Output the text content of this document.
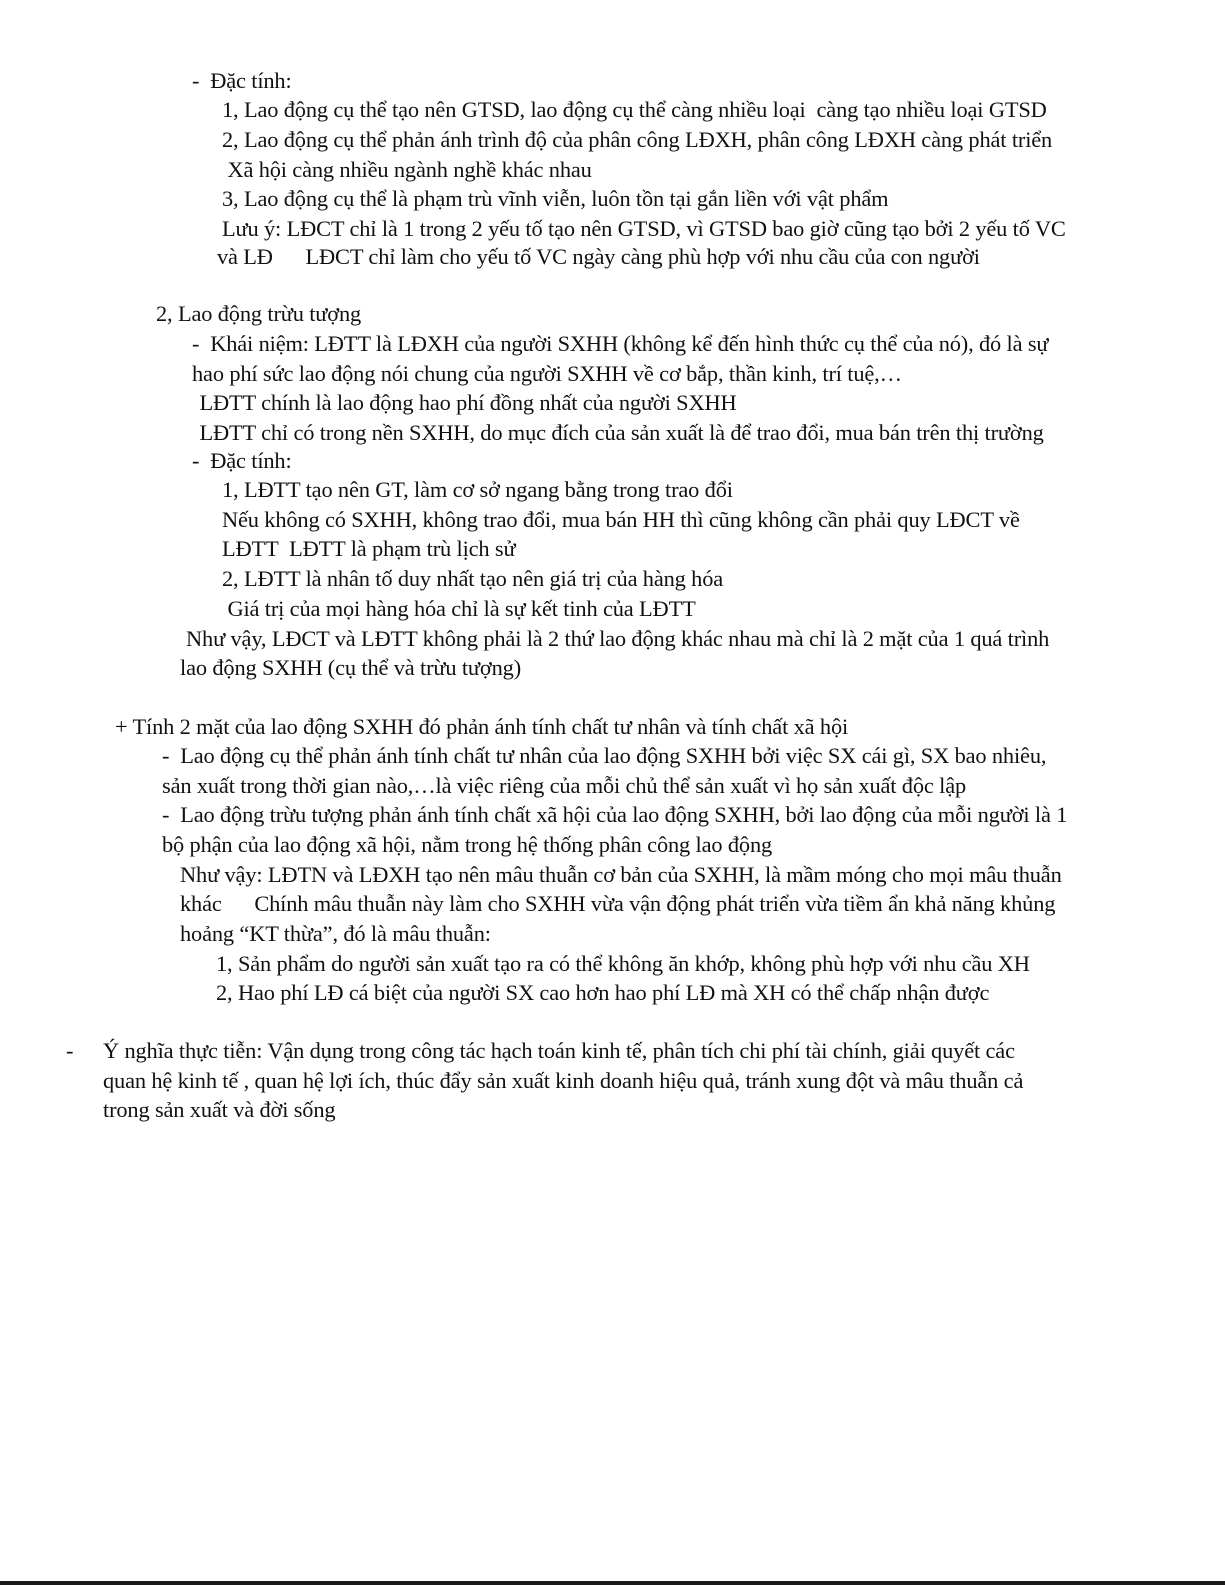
-  Đặc tính:
1, Lao động cụ thể tạo nên GTSD, lao động cụ thể càng nhiều loại  càng tạo nhiều loại GTSD
2, Lao động cụ thể phản ánh trình độ của phân công LĐXH, phân công LĐXH càng phát triển
Xã hội càng nhiều ngành nghề khác nhau
3, Lao động cụ thể là phạm trù vĩnh viễn, luôn tồn tại gắn liền với vật phẩm
Lưu ý: LĐCT chỉ là 1 trong 2 yếu tố tạo nên GTSD, vì GTSD bao giờ cũng tạo bởi 2 yếu tố VC
và LĐ      LĐCT chỉ làm cho yếu tố VC ngày càng phù hợp với nhu cầu của con người
2, Lao động trừu tượng
-  Khái niệm: LĐTT là LĐXH của người SXHH (không kể đến hình thức cụ thể của nó), đó là sự
hao phí sức lao động nói chung của người SXHH về cơ bắp, thần kinh, trí tuệ,…
LĐTT chính là lao động hao phí đồng nhất của người SXHH
LĐTT chỉ có trong nền SXHH, do mục đích của sản xuất là để trao đổi, mua bán trên thị trường
-  Đặc tính:
1, LĐTT tạo nên GT, làm cơ sở ngang bằng trong trao đổi
Nếu không có SXHH, không trao đổi, mua bán HH thì cũng không cần phải quy LĐCT về
LĐTT  LĐTT là phạm trù lịch sử
2, LĐTT là nhân tố duy nhất tạo nên giá trị của hàng hóa
Giá trị của mọi hàng hóa chỉ là sự kết tinh của LĐTT
Như vậy, LĐCT và LĐTT không phải là 2 thứ lao động khác nhau mà chỉ là 2 mặt của 1 quá trình
lao động SXHH (cụ thể và trừu tượng)
+ Tính 2 mặt của lao động SXHH đó phản ánh tính chất tư nhân và tính chất xã hội
-  Lao động cụ thể phản ánh tính chất tư nhân của lao động SXHH bởi việc SX cái gì, SX bao nhiêu,
sản xuất trong thời gian nào,…là việc riêng của mỗi chủ thể sản xuất vì họ sản xuất độc lập
-  Lao động trừu tượng phản ánh tính chất xã hội của lao động SXHH, bởi lao động của mỗi người là 1
bộ phận của lao động xã hội, nằm trong hệ thống phân công lao động
Như vậy: LĐTN và LĐXH tạo nên mâu thuẫn cơ bản của SXHH, là mầm móng cho mọi mâu thuẫn
khác      Chính mâu thuẫn này làm cho SXHH vừa vận động phát triển vừa tiềm ẩn khả năng khủng
hoảng “KT thừa”, đó là mâu thuẫn:
1, Sản phẩm do người sản xuất tạo ra có thể không ăn khớp, không phù hợp với nhu cầu XH
2, Hao phí LĐ cá biệt của người SX cao hơn hao phí LĐ mà XH có thể chấp nhận được
- Ý nghĩa thực tiễn: Vận dụng trong công tác hạch toán kinh tế, phân tích chi phí tài chính, giải quyết các
quan hệ kinh tế , quan hệ lợi ích, thúc đẩy sản xuất kinh doanh hiệu quả, tránh xung đột và mâu thuẫn cả
trong sản xuất và đời sống
